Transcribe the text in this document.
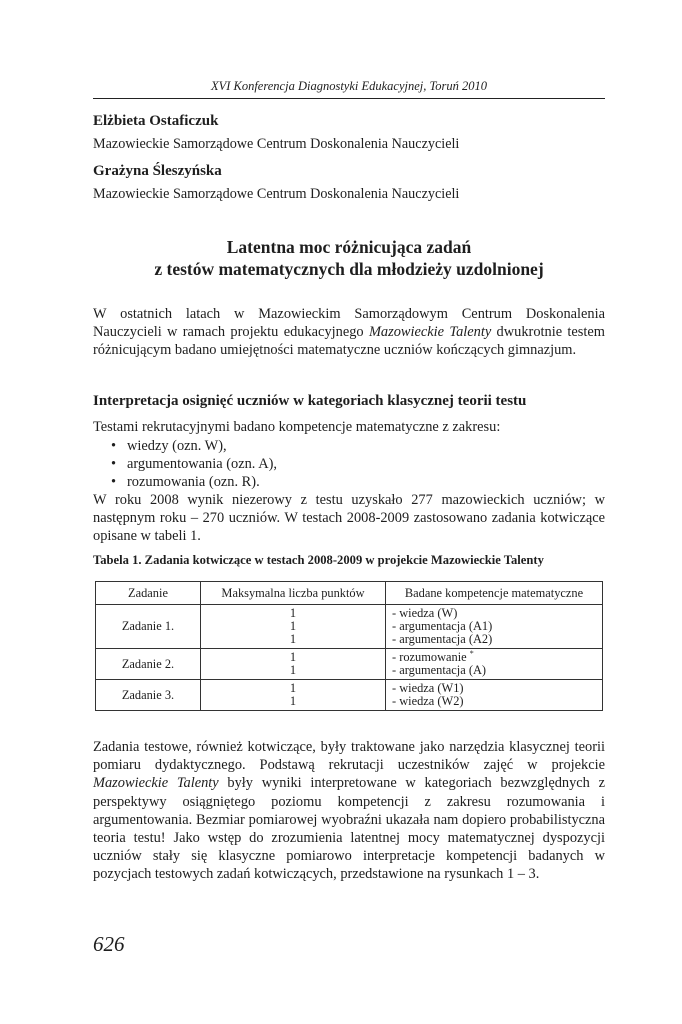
XVI Konferencja Diagnostyki Edukacyjnej, Toruń 2010
Elżbieta Ostaficzuk
Mazowieckie Samorządowe Centrum Doskonalenia Nauczycieli
Grażyna Śleszyńska
Mazowieckie Samorządowe Centrum Doskonalenia Nauczycieli
Latentna moc różnicująca zadań
z testów matematycznych dla młodzieży uzdolnionej

W ostatnich latach w Mazowieckim Samorządowym Centrum Doskonalenia Nauczycieli w ramach projektu edukacyjnego Mazowieckie Talenty dwukrotnie testem różnicującym badano umiejętności matematyczne uczniów kończących gimnazjum.

Interpretacja osignięć uczniów w kategoriach klasycznej teorii testu

Testami rekrutacyjnymi badano kompetencje matematyczne z zakresu:

• wiedzy (ozn. W),
• argumentowania (ozn. A),
• rozumowania (ozn. R).

W roku 2008 wynik niezerowy z testu uzyskało 277 mazowieckich uczniów; w następnym roku – 270 uczniów. W testach 2008-2009 zastosowano zadania kotwiczące opisane w tabeli 1.

Tabela 1. Zadania kotwiczące w testach 2008-2009 w projekcie Mazowieckie Talenty
Zadanie	Maksymalna liczba punktów	Badane kompetencje matematyczne
Zadanie 1.	1
1
1	- wiedza (W)
- argumentacja (A1)
- argumentacja (A2)

Zadanie 2.	1
1	- rozumowanie *
- argumentacja (A)

Zadanie 3.	1
1	- wiedza (W1)
- wiedza (W2)

Zadania testowe, również kotwiczące, były traktowane jako narzędzia klasycznej teorii pomiaru dydaktycznego. Podstawą rekrutacji uczestników zajęć w projekcie Mazowieckie Talenty były wyniki interpretowane w kategoriach bezwzględnych z perspektywy osiągniętego poziomu kompetencji z zakresu rozumowania i argumentowania. Bezmiar pomiarowej wyobraźni ukazała nam dopiero probabilistyczna teoria testu! Jako wstęp do zrozumienia latentnej mocy matematycznej dyspozycji uczniów stały się klasyczne pomiarowo interpretacje kompetencji badanych w pozycjach testowych zadań kotwiczących, przedstawione na rysunkach 1 – 3.

626
